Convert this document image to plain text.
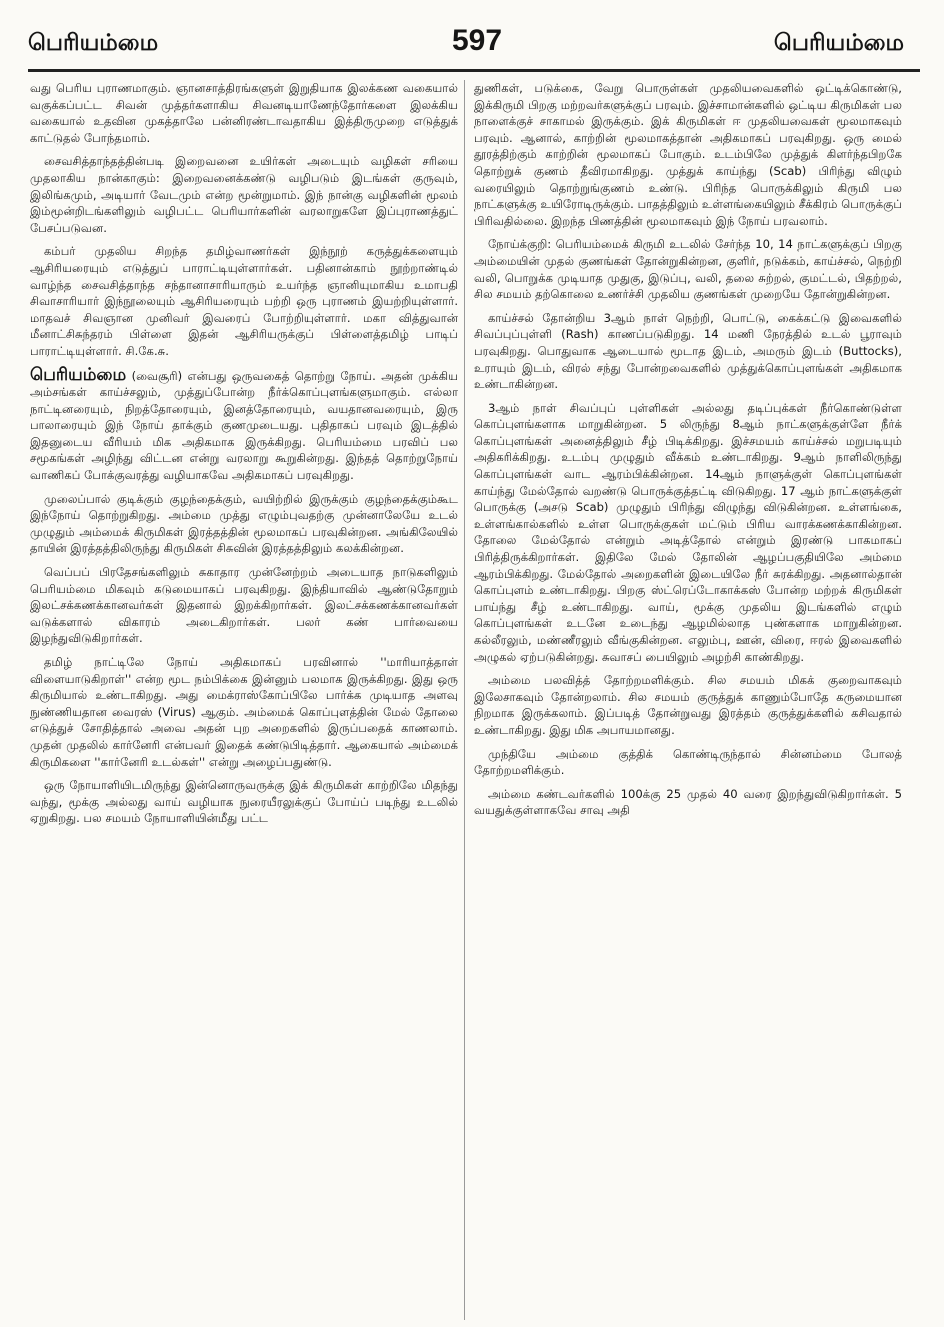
பெரியம்மை	597	பெரியம்மை

வது பெரிய புராணமாகும். ஞானசாத்திரங்களுள் இறுதியாக இலக்கண வகையால் வகுக்கப்பட்ட சிவன் முத்தர்களாகிய சிவனடியாணேந்தோர்களை இலக்கிய வகையால் உதவின முகத்தாலே பன்னிரண்டாவதாகிய இத்திருமுறை எடுத்துக் காட்டுதல் போந்தமாம்.

சைவசித்தாந்தத்தின்படி இறைவனை உயிர்கள் அடையும் வழிகள் சரியை முதலாகிய நான்காகும்: இறைவனைக்கண்டு வழிபடும் இடங்கள் குருவும், இலிங்கமும், அடியார் வேடமும் என்ற மூன்றுமாம். இந் நான்கு வழிகளின் மூலம் இம்மூன்றிடங்களிலும் வழிபட்ட பெரியார்களின் வரலாறுகளே இப்புராணத்துட் பேசப்படுவன.

கம்பர் முதலிய சிறந்த தமிழ்வாணர்கள் இந்நூற் கருத்துக்களையும் ஆசிரியரையும் எடுத்துப் பாராட்டியுள்ளார்கள். பதினான்காம் நூற்றாண்டில் வாழ்ந்த சைவசித்தாந்த சந்தானாசாரியாரும் உயர்ந்த ஞானியுமாகிய உமாபதி சிவாசாரியார் இந்நூலையும் ஆசிரியரையும் பற்றி ஒரு புராணம் இயற்றியுள்ளார். மாதவச் சிவஞான முனிவர் இவரைப் போற்றியுள்ளார். மகா வித்துவான் மீனாட்சிசுந்தரம் பிள்ளை இதன் ஆசிரியருக்குப் பிள்ளைத்தமிழ் பாடிப் பாராட்டியுள்ளார். சி.கே.சு.

பெரியம்மை (வைசூரி) என்பது ஒருவகைத் தொற்று நோய். அதன் முக்கிய அம்சங்கள் காய்ச்சலும், முத்துப்போன்ற நீர்க்கொப்புளங்களுமாகும். எல்லா நாட்டினரையும், நிறத்தோரையும், இனத்தோரையும், வயதானவரையும், இரு பாலாரையும் இந் நோய் தாக்கும் குணமுடையது. புதிதாகப் பரவும் இடத்தில் இதனுடைய வீரியம் மிக அதிகமாக இருக்கிறது. பெரியம்மை பரவிப் பல சமூகங்கள் அழிந்து விட்டன என்று வரலாறு கூறுகின்றது. இந்தத் தொற்றுநோய் வாணிகப் போக்குவரத்து வழியாகவே அதிகமாகப் பரவுகிறது.

முலைப்பால் குடிக்கும் குழந்தைக்கும், வயிற்றில் இருக்கும் குழந்தைக்கும்கூட இந்நோய் தொற்றுகிறது. அம்மை முத்து எழும்புவதற்கு முன்னாலேயே உடல் முழுதும் அம்மைக் கிருமிகள் இரத்தத்தின் மூலமாகப் பரவுகின்றன. அங்கிலேயில் தாயின் இரத்தத்திலிருந்து கிருமிகள் சிசுவின் இரத்தத்திலும் கலக்கின்றன.

வெப்பப் பிரதேசங்களிலும் சுகாதார முன்னேற்றம் அடையாத நாடுகளிலும் பெரியம்மை மிகவும் கடுமையாகப் பரவுகிறது. இந்தியாவில் ஆண்டுதோறும் இலட்சக்கணக்கானவர்கள் இதனால் இறக்கிறார்கள். இலட்சக்கணக்கானவர்கள் வடுக்களால் விகாரம் அடைகிறார்கள். பலர் கண் பார்வையை இழந்துவிடுகிறார்கள்.

தமிழ் நாட்டிலே நோய் அதிகமாகப் பரவினால் ''மாரியாத்தாள் விளையாடுகிறாள்'' என்ற மூட நம்பிக்கை இன்னும் பலமாக இருக்கிறது. இது ஒரு கிருமியால் உண்டாகிறது. அது மைக்ராஸ்கோப்பிலே பார்க்க முடியாத அளவு நுண்ணியதான வைரஸ் (Virus) ஆகும். அம்மைக் கொப்புளத்தின் மேல் தோலை எடுத்துச் சோதித்தால் அவை அதன் புற அறைகளில் இருப்பதைக் காணலாம். முதன் முதலில் கார்னேரி என்பவர் இதைக் கண்டுபிடித்தார். ஆகையால் அம்மைக் கிருமிகளை ''கார்னேரி உடல்கள்'' என்று அழைப்பதுண்டு.

ஒரு நோயாளியிடமிருந்து இன்னொருவருக்கு இக் கிருமிகள் காற்றிலே மிதந்து வந்து, மூக்கு அல்லது வாய் வழியாக நுரையீரலுக்குப் போய்ப் படிந்து உடலில் ஏறுகிறது. பல சமயம் நோயாளியின்மீது பட்ட

துணிகள், படுக்கை, வேறு பொருள்கள் முதலியவைகளில் ஒட்டிக்கொண்டு, இக்கிருமி பிறகு மற்றவர்களுக்குப் பரவும். இச்சாமான்களில் ஒட்டிய கிருமிகள் பல நாளைக்குச் சாகாமல் இருக்கும். இக் கிருமிகள் ஈ முதலியவைகள் மூலமாகவும் பரவும். ஆனால், காற்றின் மூலமாகத்தான் அதிகமாகப் பரவுகிறது. ஒரு மைல் தூரத்திற்கும் காற்றின் மூலமாகப் போகும். உடம்பிலே முத்துக் கிளர்ந்தபிறகே தொற்றுக் குணம் தீவிரமாகிறது. முத்துக் காய்ந்து (Scab) பிரிந்து விழும் வரையிலும் தொற்றுங்குணம் உண்டு. பிரிந்த பொருக்கிலும் கிருமி பல நாட்களுக்கு உயிரோடிருக்கும். பாதத்திலும் உள்ளங்கையிலும் சீக்கிரம் பொருக்குப் பிரிவதில்லை. இறந்த பிணத்தின் மூலமாகவும் இந் நோய் பரவலாம்.

நோய்க்குறி: பெரியம்மைக் கிருமி உடலில் சேர்ந்த 10, 14 நாட்களுக்குப் பிறகு அம்மையின் முதல் குணங்கள் தோன்றுகின்றன, குளிர், நடுக்கம், காய்ச்சல், நெற்றி வலி, பொறுக்க முடியாத முதுகு, இடுப்பு, வலி, தலை சுற்றல், குமட்டல், பிதற்றல், சில சமயம் தற்கொலை உணர்ச்சி முதலிய குணங்கள் முறையே தோன்றுகின்றன.

காய்ச்சல் தோன்றிய 3ஆம் நாள் நெற்றி, பொட்டு, கைக்கட்டு இவைகளில் சிவப்புப்புள்ளி (Rash) காணப்படுகிறது. 14 மணி நேரத்தில் உடல் பூராவும் பரவுகிறது. பொதுவாக ஆடையால் மூடாத இடம், அமரும் இடம் (Buttocks), உராயும் இடம், விரல் சந்து போன்றவைகளில் முத்துக்கொப்புளங்கள் அதிகமாக உண்டாகின்றன.

3ஆம் நாள் சிவப்புப் புள்ளிகள் அல்லது தடிப்புக்கள் நீர்கொண்டுள்ள கொப்புளங்களாக மாறுகின்றன. 5 லிருந்து 8ஆம் நாட்களுக்குள்ளே நீர்க் கொப்புளங்கள் அனைத்திலும் சீழ் பிடிக்கிறது. இச்சமயம் காய்ச்சல் மறுபடியும் அதிகரிக்கிறது. உடம்பு முழுதும் வீக்கம் உண்டாகிறது. 9ஆம் நாளிலிருந்து கொப்புளங்கள் வாட ஆரம்பிக்கின்றன. 14ஆம் நாளுக்குள் கொப்புளங்கள் காய்ந்து மேல்தோல் வறண்டு பொருக்குத்தட்டி விடுகிறது. 17 ஆம் நாட்களுக்குள் பொருக்கு (அசடு Scab) முழுதும் பிரிந்து விழுந்து விடுகின்றன. உள்ளங்கை, உள்ளங்கால்களில் உள்ள பொருக்குகள் மட்டும் பிரிய வாரக்கணக்காகின்றன. தோலை மேல்தோல் என்றும் அடித்தோல் என்றும் இரண்டு பாகமாகப் பிரித்திருக்கிறார்கள். இதிலே மேல் தோலின் ஆழப்பகுதியிலே அம்மை ஆரம்பிக்கிறது. மேல்தோல் அறைகளின் இடையிலே நீர் சுரக்கிறது. அதனால்தான் கொப்புளம் உண்டாகிறது. பிறகு ஸ்ட்ரெப்டோகாக்கஸ் போன்ற மற்றக் கிருமிகள் பாய்ந்து சீழ் உண்டாகிறது. வாய், மூக்கு முதலிய இடங்களில் எழும் கொப்புளங்கள் உடனே உடைந்து ஆழமில்லாத புண்களாக மாறுகின்றன. கல்லீரலும், மண்ணீரலும் வீங்குகின்றன. எலும்பு, ஊன், விரை, ஈரல் இவைகளில் அழுகல் ஏற்படுகின்றது. சுவாசப் பையிலும் அழற்சி காண்கிறது.

அம்மை பலவித்த் தோற்றமளிக்கும். சில சமயம் மிகக் குறைவாகவும் இலேசாகவும் தோன்றலாம். சில சமயம் குருத்துக் காணும்போதே கருமையான நிறமாக இருக்கலாம். இப்படித் தோன்றுவது இரத்தம் குருத்துக்களில் கசிவதால் உண்டாகிறது. இது மிக அபாயமானது.

முந்தியே அம்மை குத்திக் கொண்டிருந்தால் சின்னம்மை போலத் தோற்றமளிக்கும்.

அம்மை கண்டவர்களில் 100க்கு 25 முதல் 40 வரை இறந்துவிடுகிறார்கள். 5 வயதுக்குள்ளாகவே சாவு அதி
